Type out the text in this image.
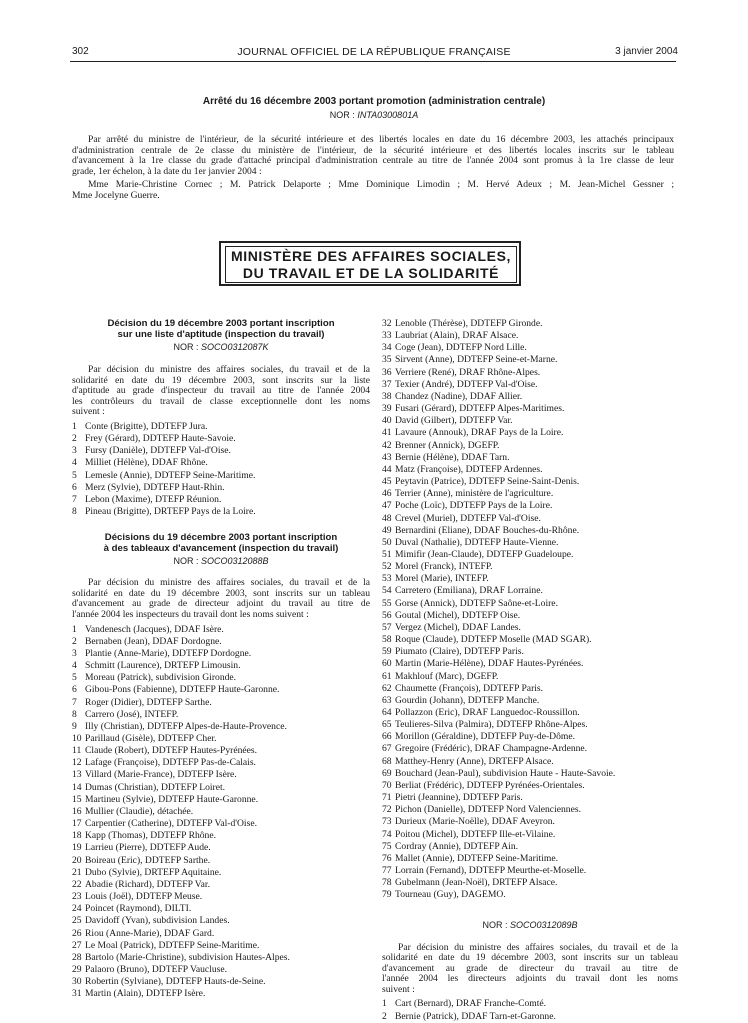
302	JOURNAL OFFICIEL DE LA RÉPUBLIQUE FRANÇAISE	3 janvier 2004
Arrêté du 16 décembre 2003 portant promotion (administration centrale)
NOR : INTA0300801A
Par arrêté du ministre de l'intérieur, de la sécurité intérieure et des libertés locales en date du 16 décembre 2003, les attachés principaux
d'administration centrale de 2e classe du ministère de l'intérieur, de la sécurité intérieure et des libertés locales inscrits sur le tableau
d'avancement à la 1re classe du grade d'attaché principal d'administration centrale au titre de l'année 2004 sont promus à la 1re classe de leur
grade, 1er échelon, à la date du 1er janvier 2004 :
Mme Marie-Christine Cornec ; M. Patrick Delaporte ; Mme Dominique Limodin ; M. Hervé Adeux ; M. Jean-Michel Gessner ;
Mme Jocelyne Guerre.
MINISTÈRE DES AFFAIRES SOCIALES,
DU TRAVAIL ET DE LA SOLIDARITÉ
Décision du 19 décembre 2003 portant inscription
sur une liste d'aptitude (inspection du travail)
NOR : SOCO0312087K
Par décision du ministre des affaires sociales, du travail et de la
solidarité en date du 19 décembre 2003, sont inscrits sur la liste
d'aptitude au grade d'inspecteur du travail au titre de l'année 2004
les contrôleurs du travail de classe exceptionnelle dont les noms
suivent :
1 Conte (Brigitte), DDTEFP Jura.
2 Frey (Gérard), DDTEFP Haute-Savoie.
3 Fursy (Danièle), DDTEFP Val-d'Oise.
4 Milliet (Hélène), DDAF Rhône.
5 Lemesle (Annie), DDTEFP Seine-Maritime.
6 Merz (Sylvie), DDTEFP Haut-Rhin.
7 Lebon (Maxime), DTEFP Réunion.
8 Pineau (Brigitte), DRTEFP Pays de la Loire.
Décisions du 19 décembre 2003 portant inscription
à des tableaux d'avancement (inspection du travail)
NOR : SOCO0312088B
Par décision du ministre des affaires sociales, du travail et de la
solidarité en date du 19 décembre 2003, sont inscrits sur un tableau
d'avancement au grade de directeur adjoint du travail au titre de
l'année 2004 les inspecteurs du travail dont les noms suivent :
1 Vandenesch (Jacques), DDAF Isère.
2 Bernaben (Jean), DDAF Dordogne.
3 Plantie (Anne-Marie), DDTEFP Dordogne.
4 Schmitt (Laurence), DRTEFP Limousin.
5 Moreau (Patrick), subdivision Gironde.
6 Gibou-Pons (Fabienne), DDTEFP Haute-Garonne.
7 Roger (Didier), DDTEFP Sarthe.
8 Carrero (José), INTEFP.
9 Illy (Christian), DDTEFP Alpes-de-Haute-Provence.
10 Parillaud (Gisèle), DDTEFP Cher.
11 Claude (Robert), DDTEFP Hautes-Pyrénées.
12 Lafage (Françoise), DDTEFP Pas-de-Calais.
13 Villard (Marie-France), DDTEFP Isère.
14 Dumas (Christian), DDTEFP Loiret.
15 Martineu (Sylvie), DDTEFP Haute-Garonne.
16 Mullier (Claudie), détachée.
17 Carpentier (Catherine), DDTEFP Val-d'Oise.
18 Kapp (Thomas), DDTEFP Rhône.
19 Larrieu (Pierre), DDTEFP Aude.
20 Boireau (Eric), DDTEFP Sarthe.
21 Dubo (Sylvie), DRTEFP Aquitaine.
22 Abadie (Richard), DDTEFP Var.
23 Louis (Joël), DDTEFP Meuse.
24 Poincet (Raymond), DILTI.
25 Davidoff (Yvan), subdivision Landes.
26 Riou (Anne-Marie), DDAF Gard.
27 Le Moal (Patrick), DDTEFP Seine-Maritime.
28 Bartolo (Marie-Christine), subdivision Hautes-Alpes.
29 Palaoro (Bruno), DDTEFP Vaucluse.
30 Robertin (Sylviane), DDTEFP Hauts-de-Seine.
31 Martin (Alain), DDTEFP Isère.
32 Lenoble (Thérèse), DDTEFP Gironde.
33 Laubriat (Alain), DRAF Alsace.
34 Coge (Jean), DDTEFP Nord Lille.
35 Sirvent (Anne), DDTEFP Seine-et-Marne.
36 Verriere (René), DRAF Rhône-Alpes.
37 Texier (André), DDTEFP Val-d'Oise.
38 Chandez (Nadine), DDAF Allier.
39 Fusari (Gérard), DDTEFP Alpes-Maritimes.
40 David (Gilbert), DDTEFP Var.
41 Lavaure (Annouk), DRAF Pays de la Loire.
42 Brenner (Annick), DGEFP.
43 Bernie (Hélène), DDAF Tarn.
44 Matz (Françoise), DDTEFP Ardennes.
45 Peytavin (Patrice), DDTEFP Seine-Saint-Denis.
46 Terrier (Anne), ministère de l'agriculture.
47 Poche (Loïc), DDTEFP Pays de la Loire.
48 Crevel (Muriel), DDTEFP Val-d'Oise.
49 Bernardini (Eliane), DDAF Bouches-du-Rhône.
50 Duval (Nathalie), DDTEFP Haute-Vienne.
51 Mimifir (Jean-Claude), DDTEFP Guadeloupe.
52 Morel (Franck), INTEFP.
53 Morel (Marie), INTEFP.
54 Carretero (Emiliana), DRAF Lorraine.
55 Gorse (Annick), DDTEFP Saône-et-Loire.
56 Goutal (Michel), DDTEFP Oise.
57 Vergez (Michel), DDAF Landes.
58 Roque (Claude), DDTEFP Moselle (MAD SGAR).
59 Piumato (Claire), DDTEFP Paris.
60 Martin (Marie-Hélène), DDAF Hautes-Pyrénées.
61 Makhlouf (Marc), DGEFP.
62 Chaumette (François), DDTEFP Paris.
63 Gourdin (Johann), DDTEFP Manche.
64 Pollazzon (Eric), DRAF Languedoc-Roussillon.
65 Teulieres-Silva (Palmira), DDTEFP Rhône-Alpes.
66 Morillon (Géraldine), DDTEFP Puy-de-Dôme.
67 Gregoire (Frédéric), DRAF Champagne-Ardenne.
68 Matthey-Henry (Anne), DRTEFP Alsace.
69 Bouchard (Jean-Paul), subdivision Haute - Haute-Savoie.
70 Berliat (Frédéric), DDTEFP Pyrénées-Orientales.
71 Pietri (Jeannine), DDTEFP Paris.
72 Pichon (Danielle), DDTEFP Nord Valenciennes.
73 Durieux (Marie-Noëlle), DDAF Aveyron.
74 Poitou (Michel), DDTEFP Ille-et-Vilaine.
75 Cordray (Annie), DDTEFP Ain.
76 Mallet (Annie), DDTEFP Seine-Maritime.
77 Lorrain (Fernand), DDTEFP Meurthe-et-Moselle.
78 Gubelmann (Jean-Noël), DRTEFP Alsace.
79 Tourneau (Guy), DAGEMO.
NOR : SOCO0312089B
Par décision du ministre des affaires sociales, du travail et de la
solidarité en date du 19 décembre 2003, sont inscrits sur un tableau
d'avancement au grade de directeur du travail au titre de
l'année 2004 les directeurs adjoints du travail dont les noms
suivent :
1 Cart (Bernard), DRAF Franche-Comté.
2 Bernie (Patrick), DDAF Tarn-et-Garonne.
